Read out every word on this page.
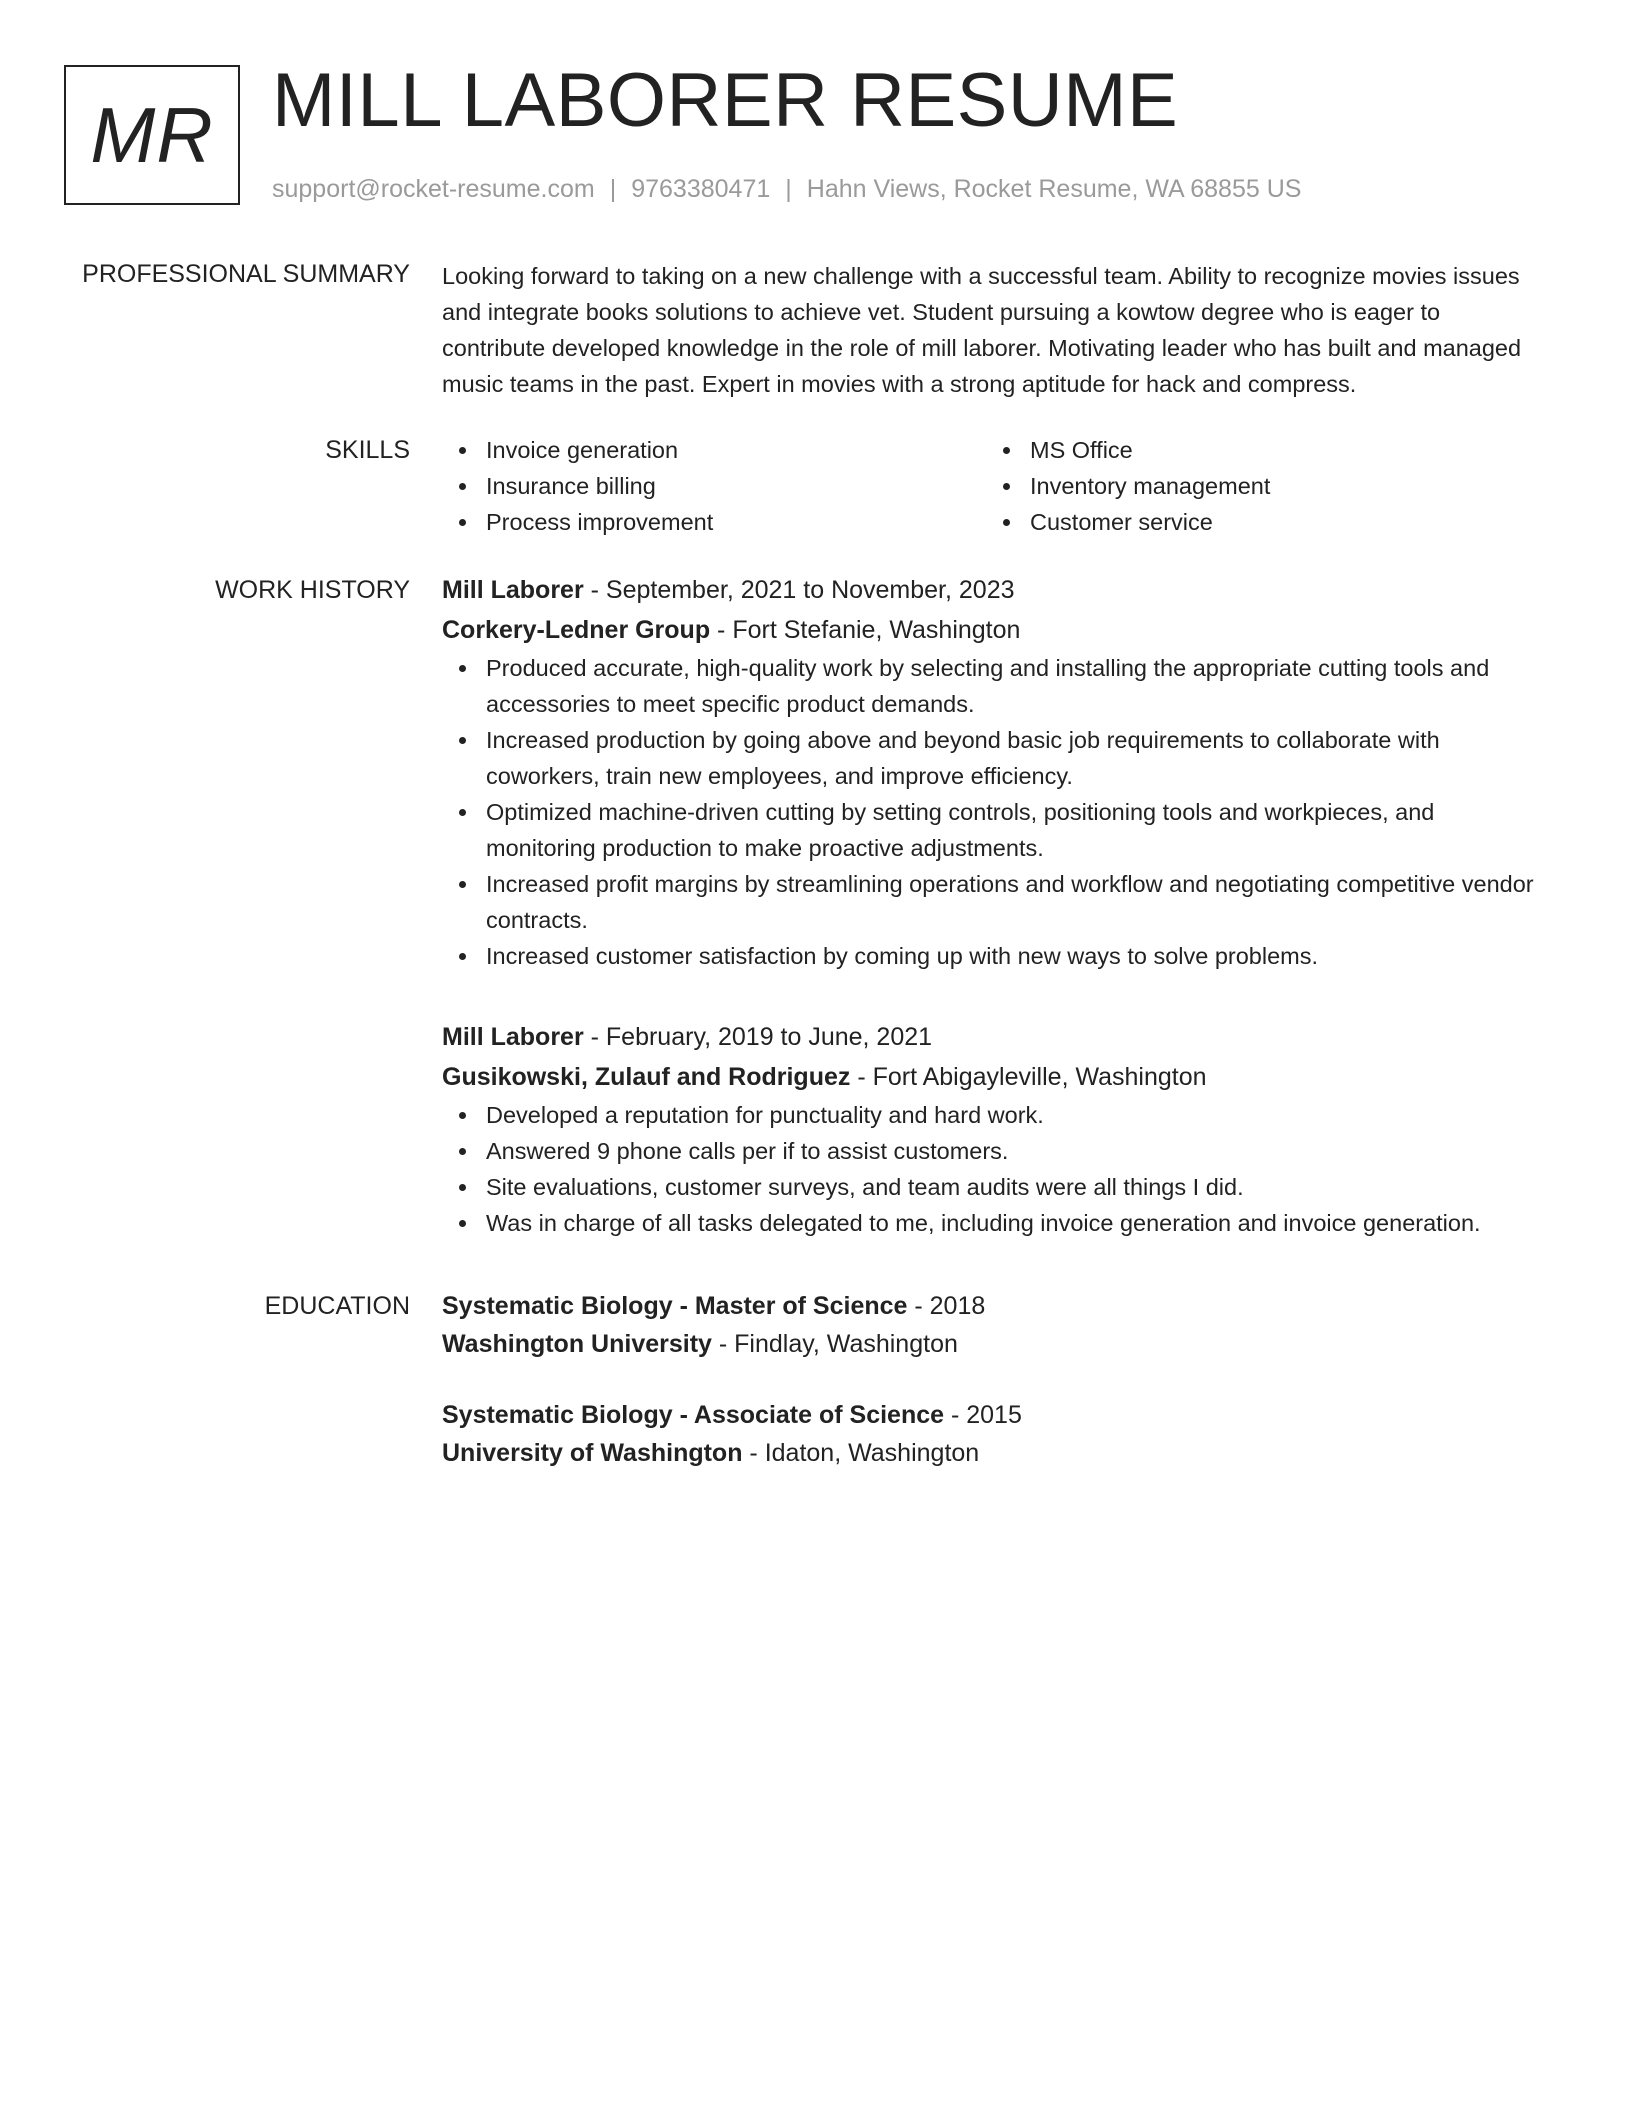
MR MILL LABORER RESUME
support@rocket-resume.com | 9763380471 | Hahn Views, Rocket Resume, WA 68855 US
PROFESSIONAL SUMMARY Looking forward to taking on a new challenge with a successful team. Ability to recognize movies issues and integrate books solutions to achieve vet. Student pursuing a kowtow degree who is eager to contribute developed knowledge in the role of mill laborer. Motivating leader who has built and managed music teams in the past. Expert in movies with a strong aptitude for hack and compress.

SKILLS	Invoice generation
Insurance billing
Process improvement
MS Office
Inventory management
Customer service
WORK HISTORY Mill Laborer - September, 2021 to November, 2023
Corkery-Ledner Group - Fort Stefanie, Washington
Produced accurate, high-quality work by selecting and installing the appropriate cutting tools and accessories to meet specific product demands.
Increased production by going above and beyond basic job requirements to collaborate with coworkers, train new employees, and improve efficiency.
Optimized machine-driven cutting by setting controls, positioning tools and workpieces, and monitoring production to make proactive adjustments.
Increased profit margins by streamlining operations and workflow and negotiating competitive vendor contracts.
Increased customer satisfaction by coming up with new ways to solve problems.
Mill Laborer - February, 2019 to June, 2021
Gusikowski, Zulauf and Rodriguez - Fort Abigayleville, Washington
Developed a reputation for punctuality and hard work.
Answered 9 phone calls per if to assist customers.
Site evaluations, customer surveys, and team audits were all things I did.
Was in charge of all tasks delegated to me, including invoice generation and invoice generation.
EDUCATION Systematic Biology - Master of Science - 2018
Washington University - Findlay, Washington
Systematic Biology - Associate of Science - 2015
University of Washington - Idaton, Washington
